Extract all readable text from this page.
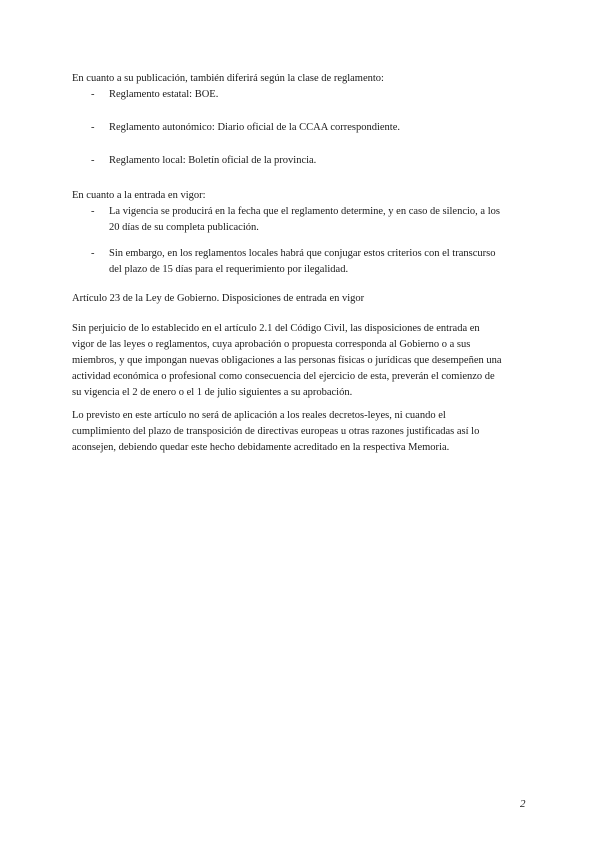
En cuanto a su publicación, también diferirá según la clase de reglamento:

- Reglamento estatal: BOE.
- Reglamento autonómico: Diario oficial de la CCAA correspondiente.
- Reglamento local: Boletín oficial de la provincia.

En cuanto a la entrada en vigor:

- La vigencia se producirá en la fecha que el reglamento determine, y en caso de silencio, a los
20 días de su completa publicación.
- Sin embargo, en los reglamentos locales habrá que conjugar estos criterios con el transcurso
del plazo de 15 días para el requerimiento por ilegalidad.

Artículo 23 de la Ley de Gobierno. Disposiciones de entrada en vigor

Sin perjuicio de lo establecido en el artículo 2.1 del Código Civil, las disposiciones de entrada en

vigor de las leyes o reglamentos, cuya aprobación o propuesta corresponda al Gobierno o a sus

miembros, y que impongan nuevas obligaciones a las personas físicas o jurídicas que desempeñen una

actividad económica o profesional como consecuencia del ejercicio de esta, preverán el comienzo de

su vigencia el 2 de enero o el 1 de julio siguientes a su aprobación.

Lo previsto en este artículo no será de aplicación a los reales decretos-leyes, ni cuando el

cumplimiento del plazo de transposición de directivas europeas u otras razones justificadas así lo

aconsejen, debiendo quedar este hecho debidamente acreditado en la respectiva Memoria.

2
